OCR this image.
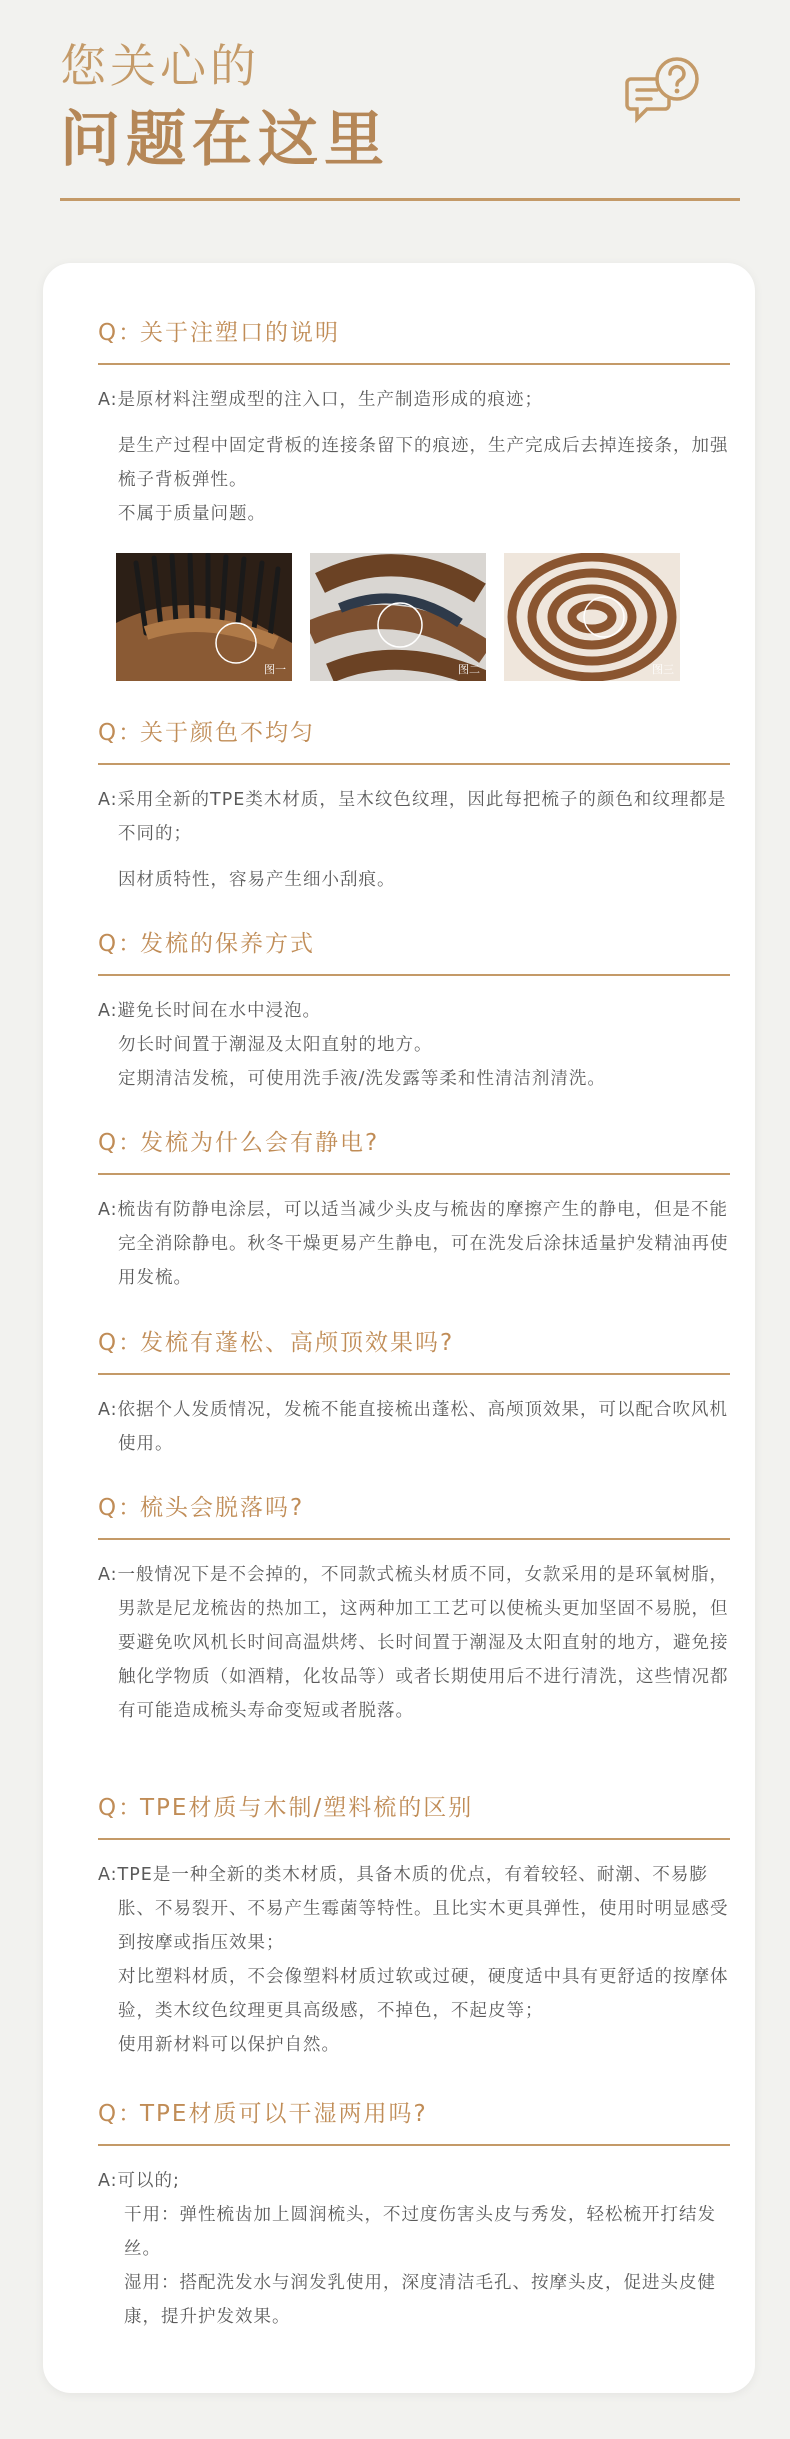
您关心的
问题在这里
Q：
关于注塑口的说明
A:是原材料注塑成型的注入口，生产制造形成的痕迹；
是生产过程中固定背板的连接条留下的痕迹，生产完成后去掉连接条，加强梳子背板弹性。
不属于质量问题。
图一	图二	图三
Q：
关于颜色不均匀
A:采用全新的TPE类木材质，呈木纹色纹理，因此每把梳子的颜色和纹理都是不同的；
因材质特性，容易产生细小刮痕。
Q：
发梳的保养方式
A:避免长时间在水中浸泡。
勿长时间置于潮湿及太阳直射的地方。
定期清洁发梳，可使用洗手液/洗发露等柔和性清洁剂清洗。
Q：
发梳为什么会有静电?
A:梳齿有防静电涂层，可以适当减少头皮与梳齿的摩擦产生的静电，但是不能完全消除静电。秋冬干燥更易产生静电，可在洗发后涂抹适量护发精油再使用发梳。
Q：
发梳有蓬松、高颅顶效果吗?
A:依据个人发质情况，发梳不能直接梳出蓬松、高颅顶效果，可以配合吹风机使用。
Q：
梳头会脱落吗?
A:一般情况下是不会掉的，不同款式梳头材质不同，女款采用的是环氧树脂，男款是尼龙梳齿的热加工，这两种加工工艺可以使梳头更加坚固不易脱，但要避免吹风机长时间高温烘烤、长时间置于潮湿及太阳直射的地方，避免接触化学物质（如酒精，化妆品等）或者长期使用后不进行清洗，这些情况都有可能造成梳头寿命变短或者脱落。
Q：
TPE材质与木制/塑料梳的区别
A:TPE是一种全新的类木材质，具备木质的优点，有着较轻、耐潮、不易膨胀、不易裂开、不易产生霉菌等特性。且比实木更具弹性，使用时明显感受到按摩或指压效果；
对比塑料材质，不会像塑料材质过软或过硬，硬度适中具有更舒适的按摩体验，类木纹色纹理更具高级感，不掉色，不起皮等；
使用新材料可以保护自然。
Q：
TPE材质可以干湿两用吗?
A:可以的;
干用：弹性梳齿加上圆润梳头，不过度伤害头皮与秀发，轻松梳开打结发丝。
湿用：搭配洗发水与润发乳使用，深度清洁毛孔、按摩头皮，促进头皮健康，提升护发效果。
